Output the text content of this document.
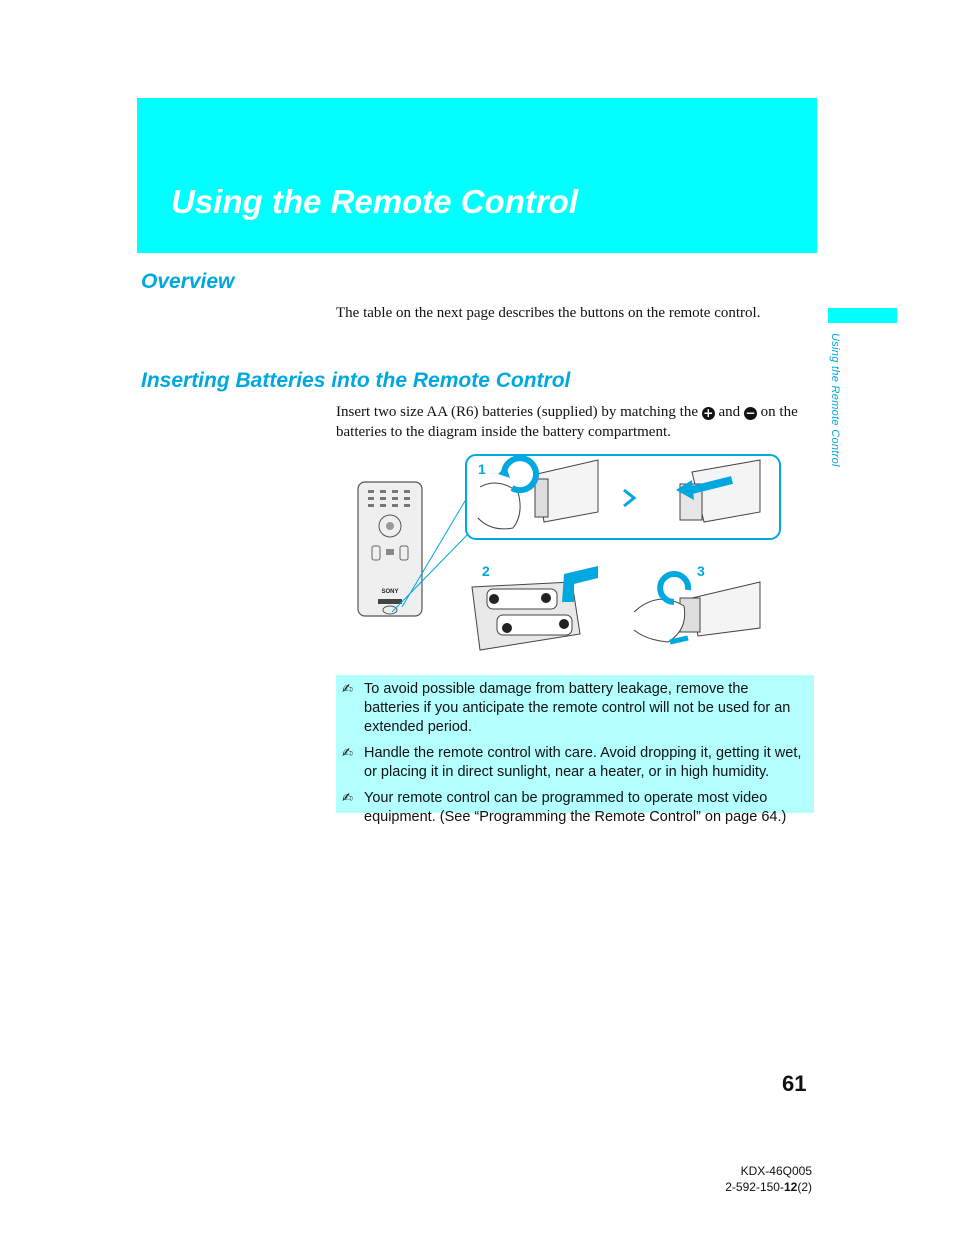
Using the Remote Control
Using the Remote Control
Overview

The table on the next page describes the buttons on the remote control.

Inserting Batteries into the Remote Control

Insert two size AA (R6) batteries (supplied) by matching the + and − on the batteries to the diagram inside the battery compartment.

SONY
1
2	3
✍ To avoid possible damage from battery leakage, remove the batteries if you anticipate the remote control will not be used for an extended period.
✍ Handle the remote control with care. Avoid dropping it, getting it wet, or placing it in direct sunlight, near a heater, or in high humidity.
✍ Your remote control can be programmed to operate most video equipment. (See “Programming the Remote Control” on page 64.)

61

KDX-46Q005
2-592-150-12(2)
